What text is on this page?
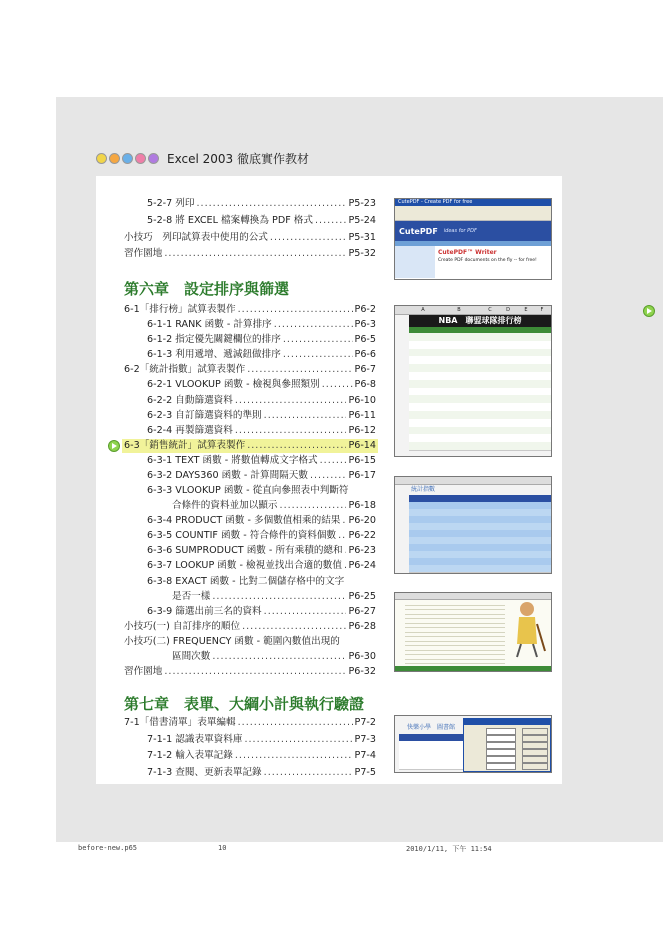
Excel 2003 徹底實作教材
5-2-7 列印 .....	P5-23
5-2-8 將 EXCEL 檔案轉換為 PDF 格式 .....	P5-24
小技巧　列印試算表中使用的公式 .....	P5-31
習作園地 .....	P5-32
第六章　設定排序與篩選
第七章　表單、大綱小計與執行驗證
6-1「排行榜」試算表製作 .....	P6-2
6-1-1 RANK 函數 - 計算排序 .....	P6-3
6-1-2 指定優先關鍵欄位的排序 .....	P6-5
6-1-3 利用遞增、遞減鈕做排序 .....	P6-6
6-2「統計指數」試算表製作 .....	P6-7
6-2-1 VLOOKUP 函數 - 檢視與參照類別 .....	P6-8
6-2-2 自動篩選資料 .....	P6-10
6-2-3 自訂篩選資料的準則 .....	P6-11
6-2-4 再製篩選資料 .....	P6-12
6-3「銷售統計」試算表製作 .....	P6-14
6-3-1 TEXT 函數 - 將數值轉成文字格式 .....	P6-15
6-3-2 DAYS360 函數 - 計算間隔天數 .....	P6-17
6-3-3 VLOOKUP 函數 - 從直向參照表中判斷符
合條件的資料並加以顯示 .....	P6-18
6-3-4 PRODUCT 函數 - 多個數值相乘的結果 ..... P6-20
6-3-5 COUNTIF 函數 - 符合條件的資料個數 ..... P6-22
6-3-6 SUMPRODUCT 函數 - 所有乘積的總和 ..... P6-23
6-3-7 LOOKUP 函數 - 檢視並找出合適的數值 ..... P6-24
6-3-8 EXACT 函數 - 比對二個儲存格中的文字
是否一樣 .....	P6-25
6-3-9 篩選出前三名的資料 .....	P6-27
小技巧(一) 自訂排序的順位 .....	P6-28
小技巧(二) FREQUENCY 函數 - 範圍內數值出現的
區間次數 .....	P6-30
習作園地 .....	P6-32
7-1「借書清單」表單編輯 .....	P7-2
7-1-1 認識表單資料庫 .....	P7-3
7-1-2 輸入表單記錄 .....	P7-4
7-1-3 查閱、更新表單記錄 .....	P7-5
CutePDF - Create PDF for free
CutePDF ideas for PDF
CutePDF™ Writer
Create PDF documents on the fly -- for free!
A	B	C	D	E	F
NBA　聯盟球隊排行榜
統計指數
快樂小學　圖書館
before-new.p65	10	2010/1/11, 下午 11:54
